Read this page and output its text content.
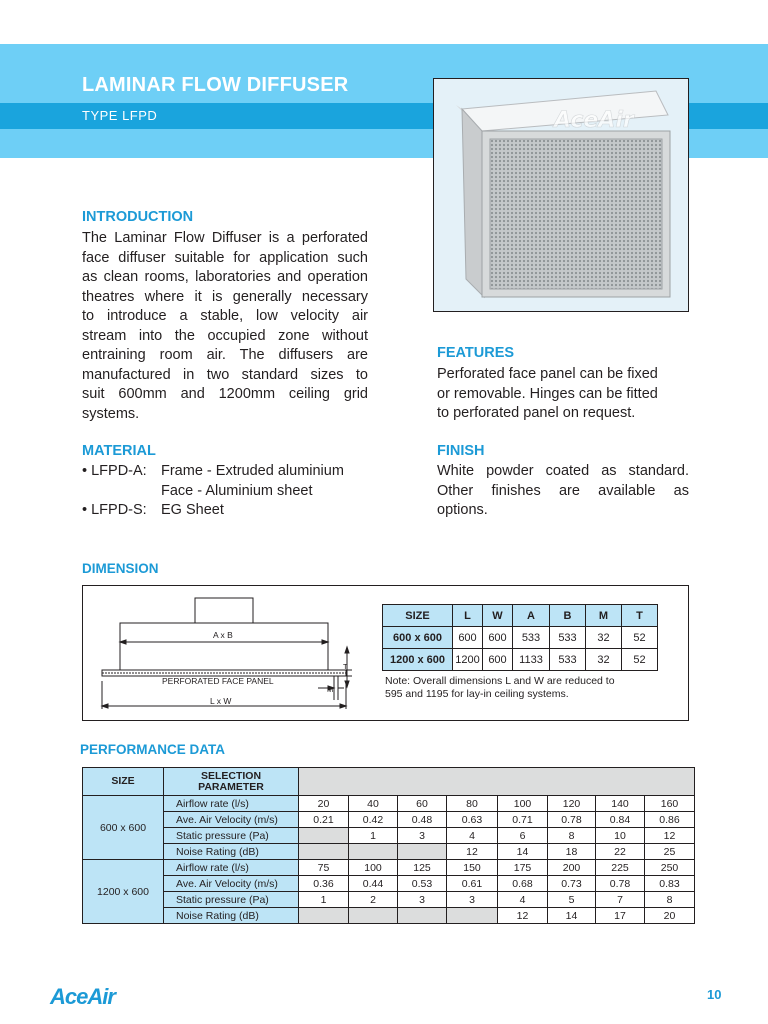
LAMINAR FLOW DIFFUSER
TYPE LFPD	AceAir
INTRODUCTION
The Laminar Flow Diffuser is a perforated
face diffuser suitable for application such
as clean rooms, laboratories and operation
theatres where it is generally necessary
to introduce a stable, low velocity air
stream into the occupied zone without
entraining room air. The diffusers are
manufactured in two standard sizes to
suit 600mm and 1200mm ceiling grid
systems.
MATERIAL
• LFPD-A: Frame - Extruded aluminium
Face - Aluminium sheet
• LFPD-S: EG Sheet
FEATURES
Perforated face panel can be fixed
or removable. Hinges can be fitted
to perforated panel on request.
FINISH
White powder coated as standard.
Other finishes are available as
options.
DIMENSION
A x B
T
PERFORATED FACE PANEL
M
L x W
SIZE	L	W	A	B	M	T
600 x 600	600	600	533	533	32	52
1200 x 600	1200	600	1133	533	32	52
Note: Overall dimensions L and W are reduced to
595 and 1195 for lay-in ceiling systems.
PERFORMANCE DATA
SIZE	SELECTION
PARAMETER								

600 x 600	Airflow rate (l/s)	20	40	60	80	100	120	140	160
	Ave. Air Velocity (m/s)	0.21	0.42	0.48	0.63	0.71	0.78	0.84	0.86
	Static pressure (Pa)		1	3	4	6	8	10	12
	Noise Rating (dB)				12	14	18	22	25
1200 x 600	Airflow rate (l/s)	75	100	125	150	175	200	225	250
	Ave. Air Velocity (m/s)	0.36	0.44	0.53	0.61	0.68	0.73	0.78	0.83
	Static pressure (Pa)	1	2	3	3	4	5	7	8
	Noise Rating (dB)					12	14	17	20
AceAir	10
